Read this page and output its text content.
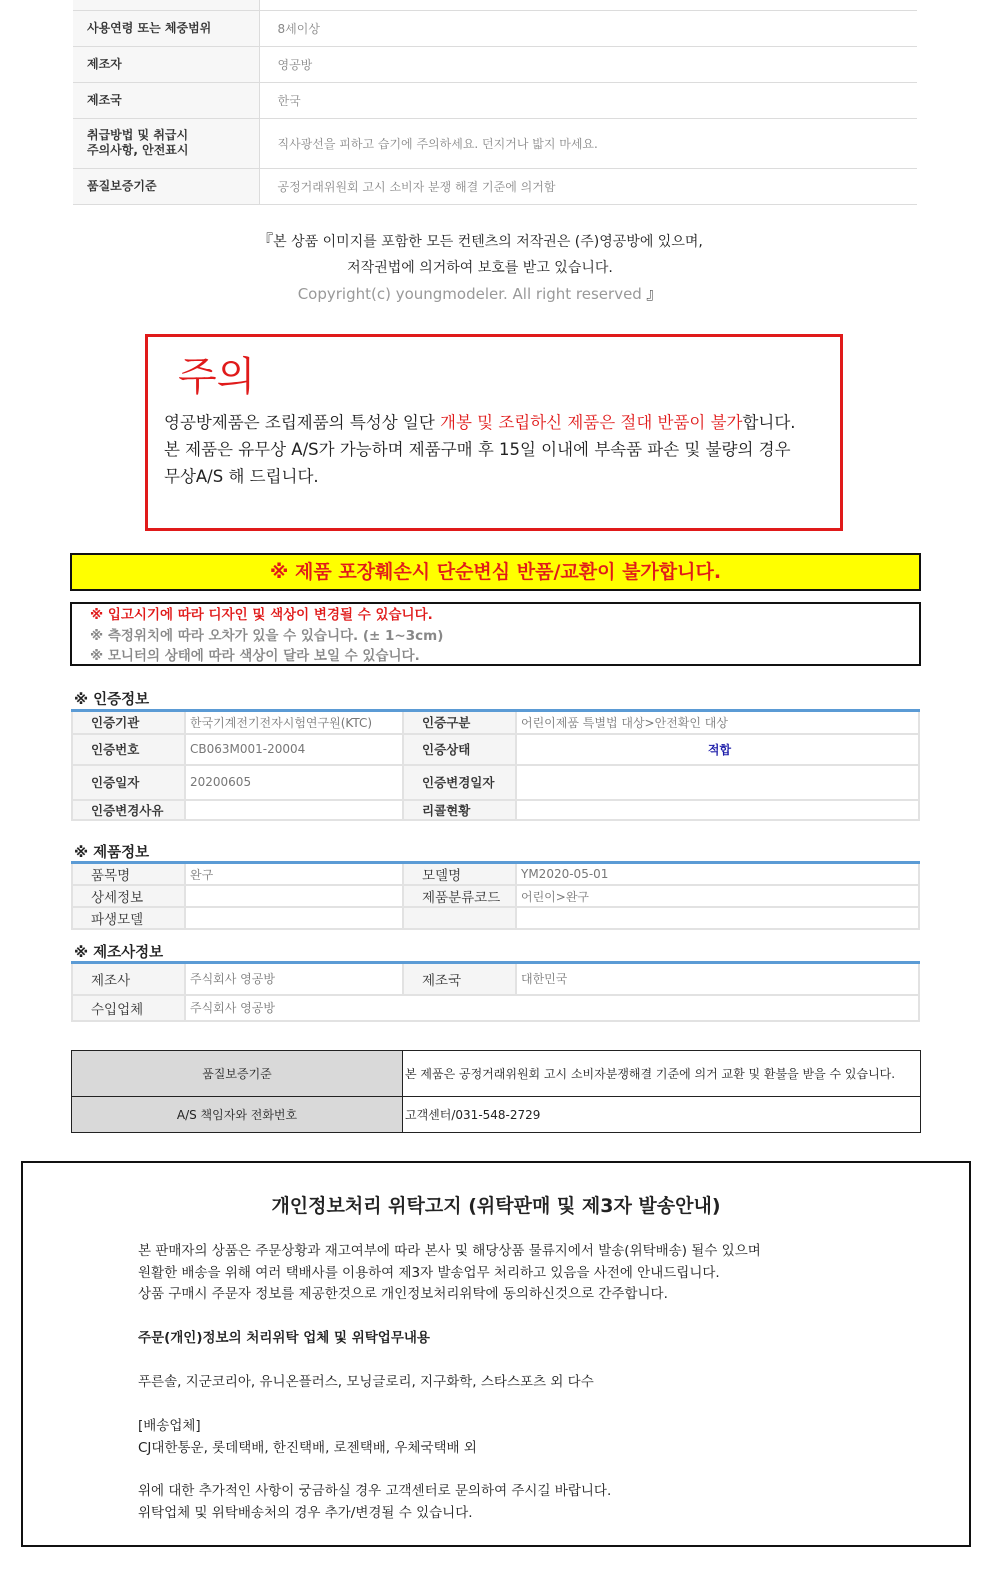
사용연령 또는 체중범위	8세이상
제조자	영공방
제조국	한국

취급방법 및 취급시
주의사항, 안전표시	직사광선을 피하고 습기에 주의하세요. 던지거나 밟지 마세요.
품질보증기준	공정거래위원회 고시 소비자 분쟁 해결 기준에 의거함
『본 상품 이미지를 포함한 모든 컨텐츠의 저작권은 (주)영공방에 있으며,
저작권법에 의거하여 보호를 받고 있습니다.
Copyright(c) youngmodeler. All right reserved 』
주의
영공방제품은 조립제품의 특성상 일단 개봉 및 조립하신 제품은 절대 반품이 불가합니다.
본 제품은 유무상 A/S가 가능하며 제품구매 후 15일 이내에 부속품 파손 및 불량의 경우
무상A/S 해 드립니다.
※ 제품 포장훼손시 단순변심 반품/교환이 불가합니다.
※ 입고시기에 따라 디자인 및 색상이 변경될 수 있습니다.
※ 측정위치에 따라 오차가 있을 수 있습니다. (± 1~3cm)
※ 모니터의 상태에 따라 색상이 달라 보일 수 있습니다.
※ 인증정보
인증기관	한국기계전기전자시험연구원(KTC)	인증구분	어린이제품 특별법 대상>안전확인 대상
인증번호	CB063M001-20004	인증상태	적합
인증일자	20200605	인증변경일자	
인증변경사유		리콜현황	
※ 제품정보
품목명	완구	모델명	YM2020-05-01
상세정보		제품분류코드	어린이>완구
파생모델			
※ 제조사정보
제조사	주식회사 영공방	제조국	대한민국
수입업체	주식회사 영공방		
품질보증기준	본 제품은 공정거래위원회 고시 소비자분쟁해결 기준에 의거 교환 및 환불을 받을 수 있습니다.
A/S 책임자와 전화번호	고객센터/031-548-2729
개인정보처리 위탁고지 (위탁판매 및 제3자 발송안내)
본 판매자의 상품은 주문상황과 재고여부에 따라 본사 및 해당상품 물류지에서 발송(위탁배송) 될수 있으며
원활한 배송을 위해 여러 택배사를 이용하여 제3자 발송업무 처리하고 있음을 사전에 안내드립니다.
상품 구매시 주문자 정보를 제공한것으로 개인정보처리위탁에 동의하신것으로 간주합니다.
주문(개인)정보의 처리위탁 업체 및 위탁업무내용
푸른솔, 지군코리아, 유니온플러스, 모닝글로리, 지구화학, 스타스포츠 외 다수
[배송업체]
CJ대한통운, 롯데택배, 한진택배, 로젠택배, 우체국택배 외
위에 대한 추가적인 사항이 궁금하실 경우 고객센터로 문의하여 주시길 바랍니다.
위탁업체 및 위탁배송처의 경우 추가/변경될 수 있습니다.
